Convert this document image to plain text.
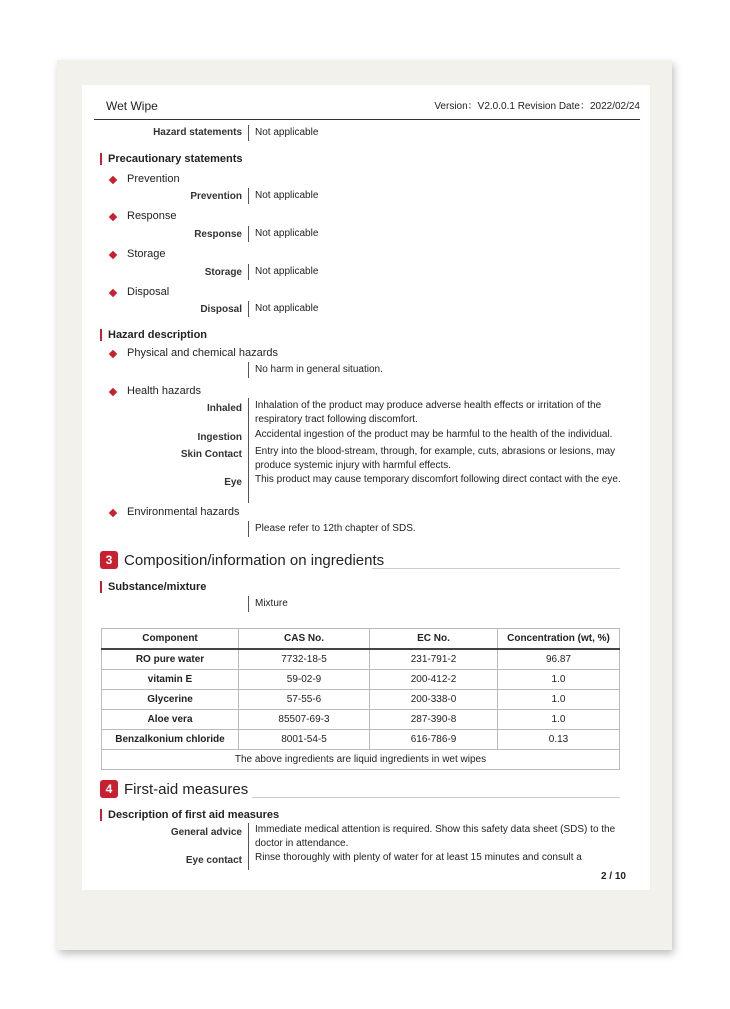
Wet Wipe	Version：V2.0.0.1 Revision Date：2022/02/24
Hazard statements Not applicable
Precautionary statements
Prevention
Prevention Not applicable
Response
Response Not applicable
Storage
Storage Not applicable
Disposal
Disposal Not applicable
Hazard description
Physical and chemical hazards
No harm in general situation.
Health hazards
Inhaled Inhalation of the product may produce adverse health effects or irritation of the respiratory tract following discomfort.
Ingestion Accidental ingestion of the product may be harmful to the health of the individual.
Skin Contact Entry into the blood-stream, through, for example, cuts, abrasions or lesions, may produce systemic injury with harmful effects.
Eye This product may cause temporary discomfort following direct contact with the eye.
Environmental hazards
Please refer to 12th chapter of SDS.
3 Composition/information on ingredients
Substance/mixture
Mixture
Component	CAS No.	EC No.	Concentration (wt, %)
RO pure water	7732-18-5	231-791-2	96.87
vitamin E	59-02-9	200-412-2	1.0
Glycerine	57-55-6	200-338-0	1.0
Aloe vera	85507-69-3	287-390-8	1.0
Benzalkonium chloride	8001-54-5	616-786-9	0.13
The above ingredients are liquid ingredients in wet wipes			
4 First-aid measures
Description of first aid measures
General advice Immediate medical attention is required. Show this safety data sheet (SDS) to the doctor in attendance.
Eye contact Rinse thoroughly with plenty of water for at least 15 minutes and consult a
2 / 10
